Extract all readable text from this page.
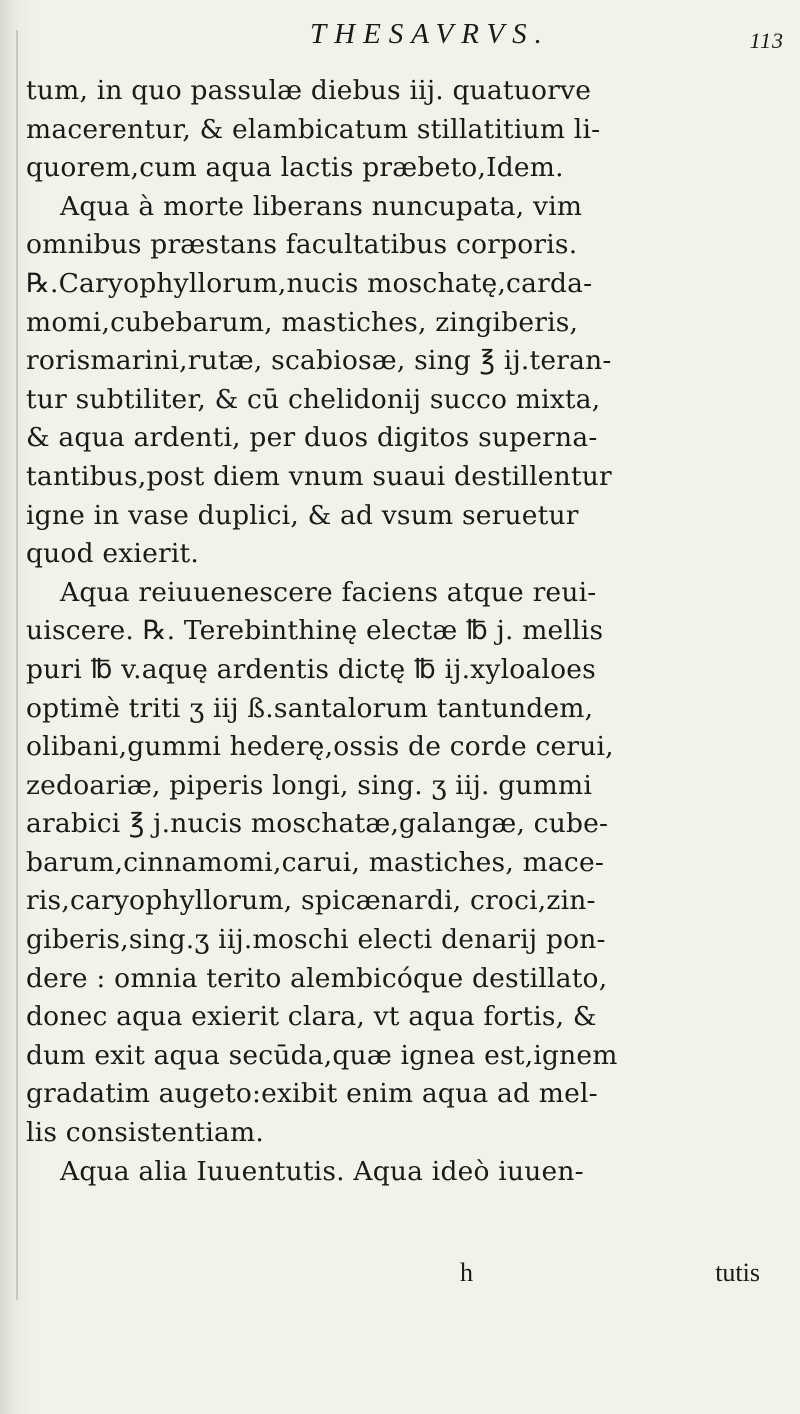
THESAVRVS.	113
tum, in quo passulæ diebus iij. quatuorve
macerentur, & elambicatum stillatitium li-
quorem,cum aqua lactis præbeto,Idem.
Aqua à morte liberans nuncupata, vim
omnibus præstans facultatibus corporis.
℞.Caryophyllorum,nucis moschatę,carda-
momi,cubebarum, mastiches, zingiberis,
rorismarini,rutæ, scabiosæ, sing ℥ ij.teran-
tur subtiliter, & cū chelidonij succo mixta,
& aqua ardenti, per duos digitos superna-
tantibus,post diem vnum suaui destillentur
igne in vase duplici, & ad vsum seruetur
quod exierit.
Aqua reiuuenescere faciens atque reui-
uiscere. ℞. Terebinthinę electæ ℔ j. mellis
puri ℔ v.aquę ardentis dictę ℔ ij.xyloaloes
optimè triti ʒ iij ß.santalorum tantundem,
olibani,gummi hederę,ossis de corde cerui,
zedoariæ, piperis longi, sing. ʒ iij. gummi
arabici ℥ j.nucis moschatæ,galangæ, cube-
barum,cinnamomi,carui, mastiches, mace-
ris,caryophyllorum, spicænardi, croci,zin-
giberis,sing.ʒ iij.moschi electi denarij pon-
dere : omnia terito alembicóque destillato,
donec aqua exierit clara, vt aqua fortis, &
dum exit aqua secūda,quæ ignea est,ignem
gradatim augeto:exibit enim aqua ad mel-
lis consistentiam.
Aqua alia Iuuentutis. Aqua ideò iuuen-
h	tutis
